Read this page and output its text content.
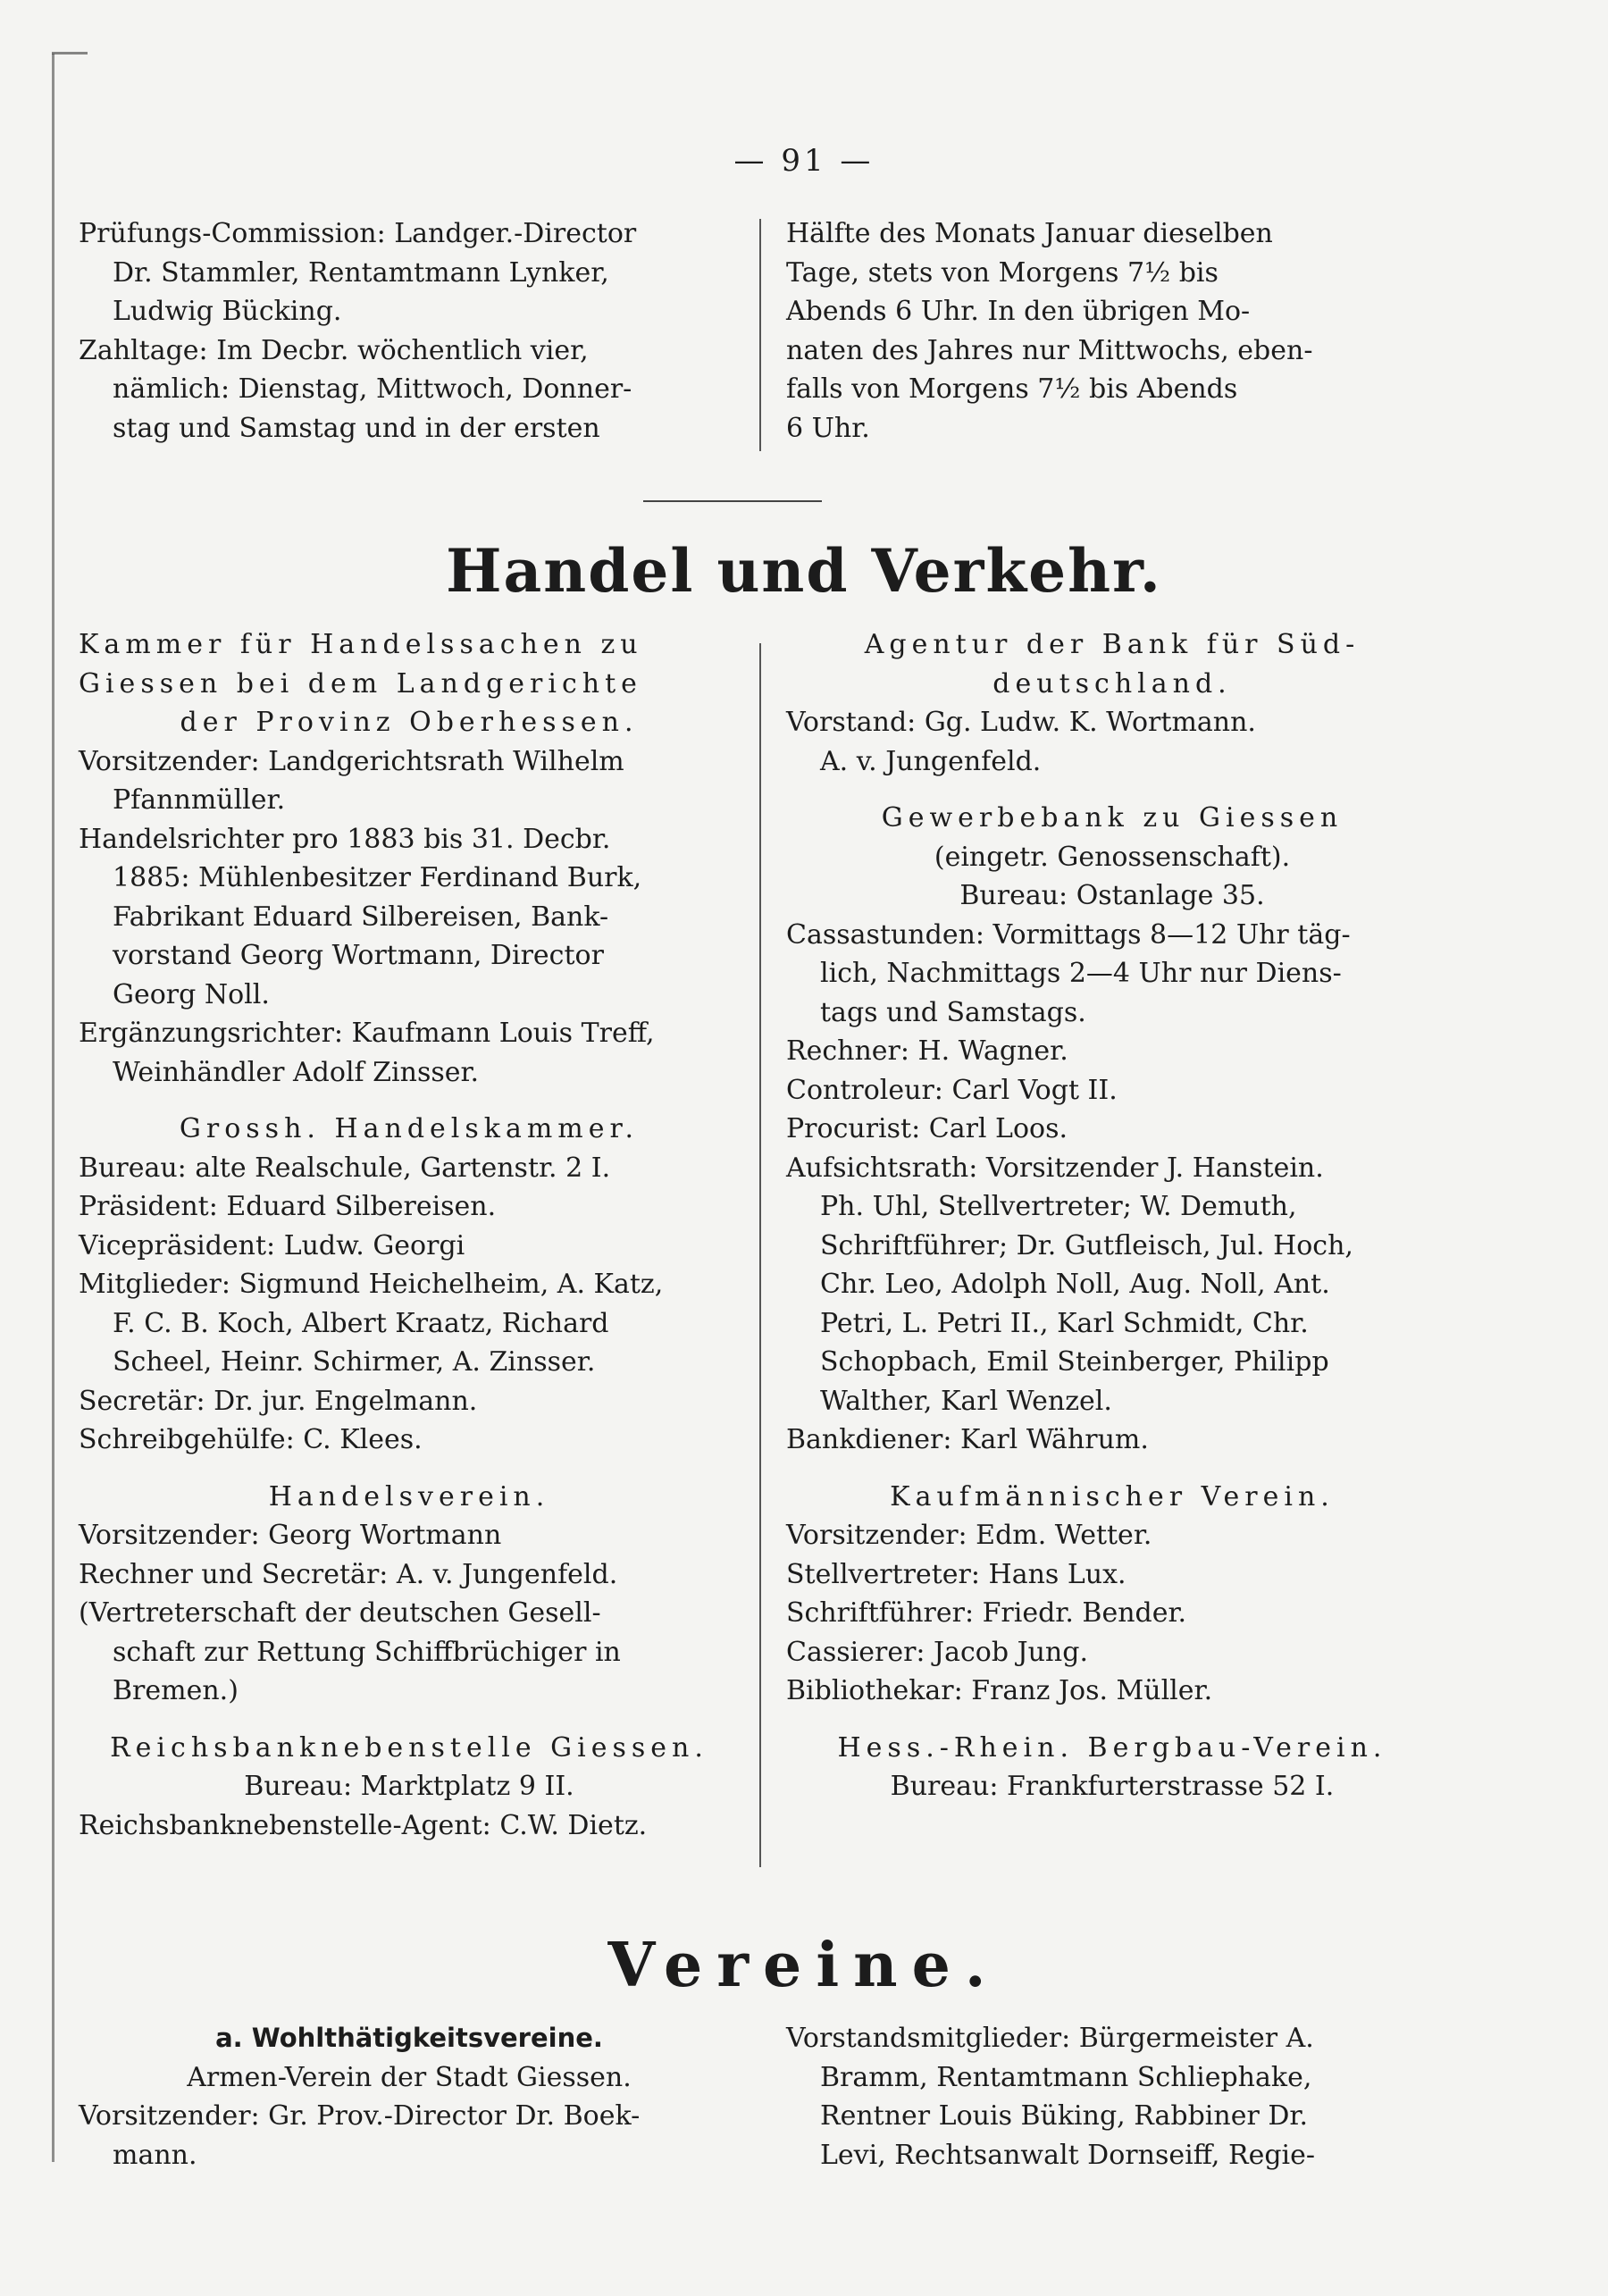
— 91 —
Prüfungs-Commission: Landger.-Director
Dr. Stammler, Rentamtmann Lynker,
Ludwig Bücking.
Zahltage: Im Decbr. wöchentlich vier,
nämlich: Dienstag, Mittwoch, Donner-
stag und Samstag und in der ersten
Hälfte des Monats Januar dieselben
Tage, stets von Morgens 7½ bis
Abends 6 Uhr. In den übrigen Mo-
naten des Jahres nur Mittwochs, eben-
falls von Morgens 7½ bis Abends
6 Uhr.
Handel und Verkehr.
Kammer für Handelssachen zu
Giessen bei dem Landgerichte
der Provinz Oberhessen.
Vorsitzender: Landgerichtsrath Wilhelm
Pfannmüller.
Handelsrichter pro 1883 bis 31. Decbr.
1885: Mühlenbesitzer Ferdinand Burk,
Fabrikant Eduard Silbereisen, Bank-
vorstand Georg Wortmann, Director
Georg Noll.
Ergänzungsrichter: Kaufmann Louis Treff,
Weinhändler Adolf Zinsser.
Grossh. Handelskammer.
Bureau: alte Realschule, Gartenstr. 2 I.
Präsident: Eduard Silbereisen.
Vicepräsident: Ludw. Georgi
Mitglieder: Sigmund Heichelheim, A. Katz,
F. C. B. Koch, Albert Kraatz, Richard
Scheel, Heinr. Schirmer, A. Zinsser.
Secretär: Dr. jur. Engelmann.
Schreibgehülfe: C. Klees.
Handelsverein.
Vorsitzender: Georg Wortmann
Rechner und Secretär: A. v. Jungenfeld.
(Vertreterschaft der deutschen Gesell-
schaft zur Rettung Schiffbrüchiger in
Bremen.)
Reichsbanknebenstelle Giessen.
Bureau: Marktplatz 9 II.
Reichsbanknebenstelle-Agent: C.W. Dietz.
Agentur der Bank für Süd-
deutschland.
Vorstand: Gg. Ludw. K. Wortmann.
A. v. Jungenfeld.
Gewerbebank zu Giessen
(eingetr. Genossenschaft).
Bureau: Ostanlage 35.
Cassastunden: Vormittags 8—12 Uhr täg-
lich, Nachmittags 2—4 Uhr nur Diens-
tags und Samstags.
Rechner: H. Wagner.
Controleur: Carl Vogt II.
Procurist: Carl Loos.
Aufsichtsrath: Vorsitzender J. Hanstein.
Ph. Uhl, Stellvertreter; W. Demuth,
Schriftführer; Dr. Gutfleisch, Jul. Hoch,
Chr. Leo, Adolph Noll, Aug. Noll, Ant.
Petri, L. Petri II., Karl Schmidt, Chr.
Schopbach, Emil Steinberger, Philipp
Walther, Karl Wenzel.
Bankdiener: Karl Währum.
Kaufmännischer Verein.
Vorsitzender: Edm. Wetter.
Stellvertreter: Hans Lux.
Schriftführer: Friedr. Bender.
Cassierer: Jacob Jung.
Bibliothekar: Franz Jos. Müller.
Hess.-Rhein. Bergbau-Verein.
Bureau: Frankfurterstrasse 52 I.
Vereine.
a. Wohlthätigkeitsvereine.
Armen-Verein der Stadt Giessen.
Vorsitzender: Gr. Prov.-Director Dr. Boek-
mann.
Vorstandsmitglieder: Bürgermeister A.
Bramm, Rentamtmann Schliephake,
Rentner Louis Büking, Rabbiner Dr.
Levi, Rechtsanwalt Dornseiff, Regie-
